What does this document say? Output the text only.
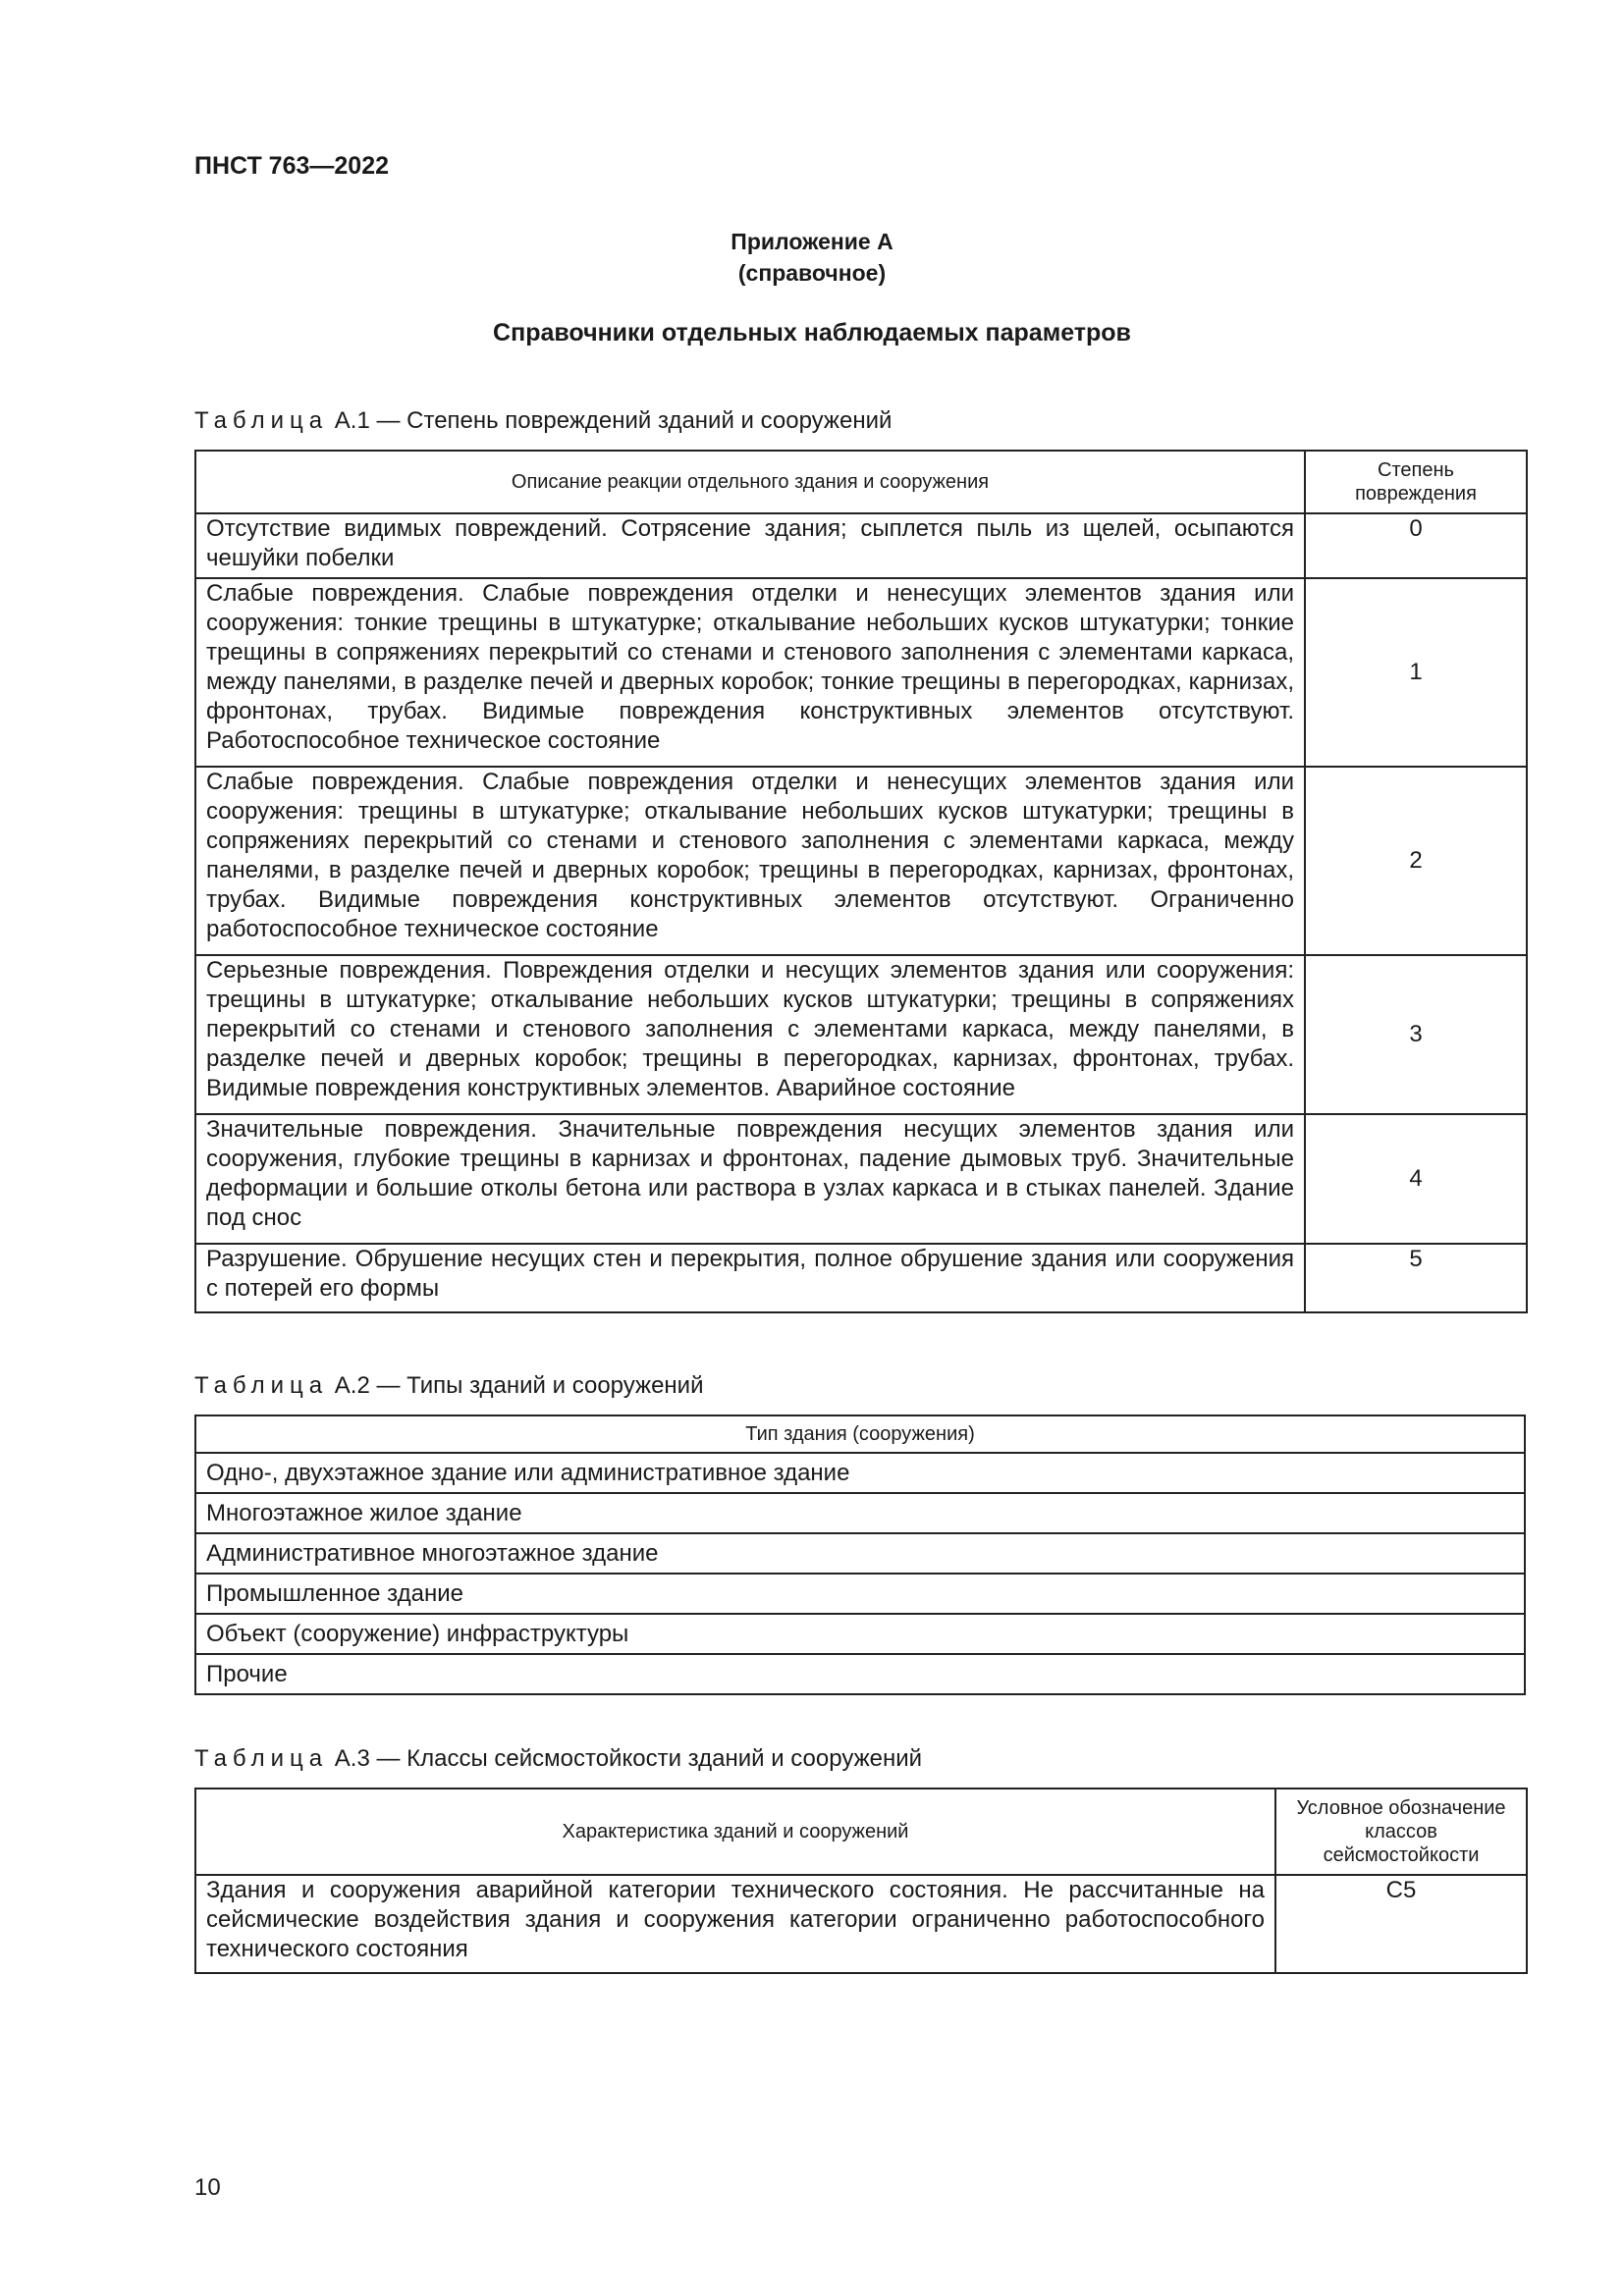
ПНСТ 763—2022
Приложение А
(справочное)
Справочники отдельных наблюдаемых параметров
Таблица А.1 — Степень повреждений зданий и сооружений
Описание реакции отдельного здания и сооружения	Степень повреждения
Отсутствие видимых повреждений. Сотрясение здания; сыплется пыль из щелей, осыпаются чешуйки побелки	0
Слабые повреждения. Слабые повреждения отделки и ненесущих элементов здания или сооружения: тонкие трещины в штукатурке; откалывание небольших кусков штукатурки; тонкие трещины в сопряжениях перекрытий со стенами и стенового заполнения с элементами каркаса, между панелями, в разделке печей и дверных коробок; тонкие трещины в перегородках, карнизах, фронтонах, трубах. Видимые повреждения конструктивных элементов отсутствуют. Работоспособное техническое состояние	1
Слабые повреждения. Слабые повреждения отделки и ненесущих элементов здания или сооружения: трещины в штукатурке; откалывание небольших кусков штукатурки; трещины в сопряжениях перекрытий со стенами и стенового заполнения с элементами каркаса, между панелями, в разделке печей и дверных коробок; трещины в перегородках, карнизах, фронтонах, трубах. Видимые повреждения конструктивных элементов отсутствуют. Ограниченно работоспособное техническое состояние	2
Серьезные повреждения. Повреждения отделки и несущих элементов здания или сооружения: трещины в штукатурке; откалывание небольших кусков штукатурки; трещины в сопряжениях перекрытий со стенами и стенового заполнения с элементами каркаса, между панелями, в разделке печей и дверных коробок; трещины в перегородках, карнизах, фронтонах, трубах. Видимые повреждения конструктивных элементов. Аварийное состояние	3
Значительные повреждения. Значительные повреждения несущих элементов здания или сооружения, глубокие трещины в карнизах и фронтонах, падение дымовых труб. Значительные деформации и большие отколы бетона или раствора в узлах каркаса и в стыках панелей. Здание под снос	4
Разрушение. Обрушение несущих стен и перекрытия, полное обрушение здания или сооружения с потерей его формы	5
Таблица А.2 — Типы зданий и сооружений
Тип здания (сооружения)
Одно-, двухэтажное здание или административное здание
Многоэтажное жилое здание
Административное многоэтажное здание
Промышленное здание
Объект (сооружение) инфраструктуры
Прочие
Таблица А.3 — Классы сейсмостойкости зданий и сооружений
Характеристика зданий и сооружений	Условное обозначение классов сейсмостойкости
Здания и сооружения аварийной категории технического состояния. Не рассчитанные на сейсмические воздействия здания и сооружения категории ограниченно работоспособного технического состояния	С5
10
